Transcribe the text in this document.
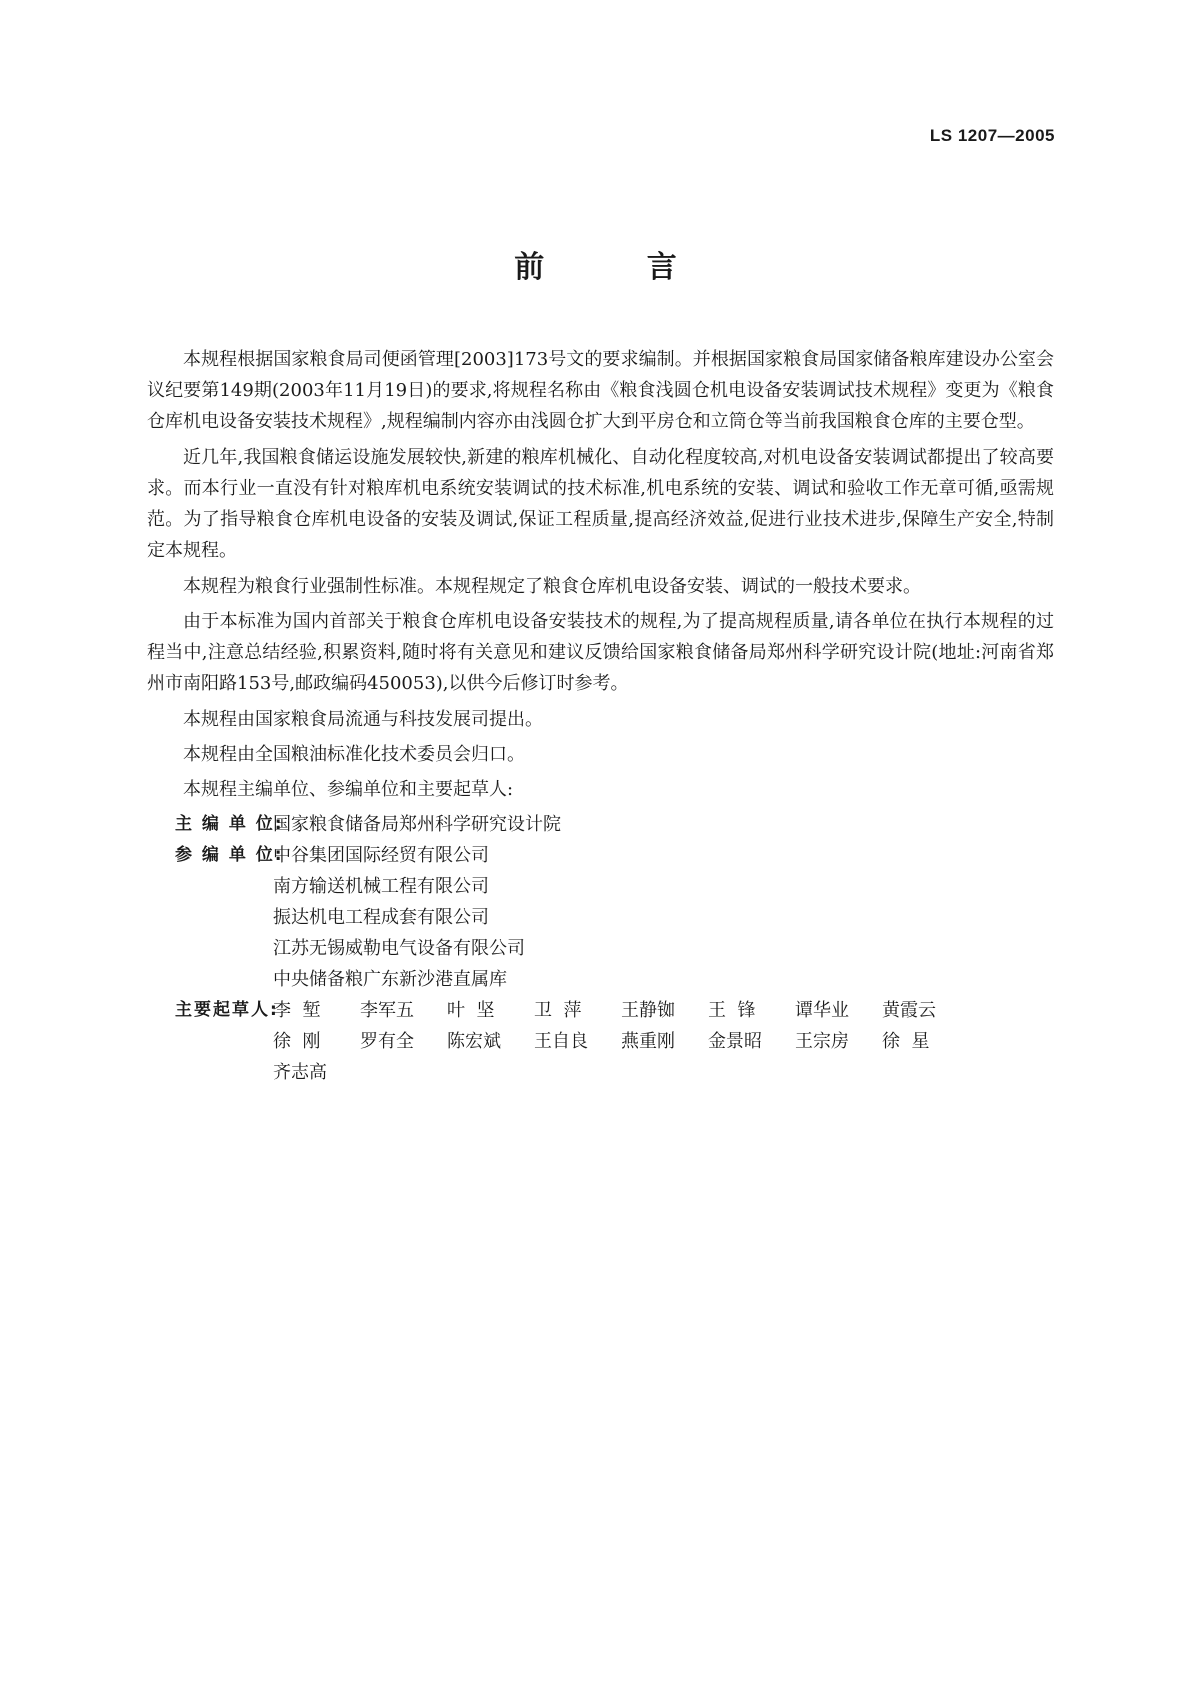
LS 1207—2005
前 言

本规程根据国家粮食局司便函管理[2003]173号文的要求编制。并根据国家粮食局国家储备粮库建设办公室会议纪要第149期(2003年11月19日)的要求,将规程名称由《粮食浅圆仓机电设备安装调试技术规程》变更为《粮食仓库机电设备安装技术规程》,规程编制内容亦由浅圆仓扩大到平房仓和立筒仓等当前我国粮食仓库的主要仓型。

近几年,我国粮食储运设施发展较快,新建的粮库机械化、自动化程度较高,对机电设备安装调试都提出了较高要求。而本行业一直没有针对粮库机电系统安装调试的技术标准,机电系统的安装、调试和验收工作无章可循,亟需规范。为了指导粮食仓库机电设备的安装及调试,保证工程质量,提高经济效益,促进行业技术进步,保障生产安全,特制定本规程。

本规程为粮食行业强制性标准。本规程规定了粮食仓库机电设备安装、调试的一般技术要求。

由于本标准为国内首部关于粮食仓库机电设备安装技术的规程,为了提高规程质量,请各单位在执行本规程的过程当中,注意总结经验,积累资料,随时将有关意见和建议反馈给国家粮食储备局郑州科学研究设计院(地址:河南省郑州市南阳路153号,邮政编码450053),以供今后修订时参考。

本规程由国家粮食局流通与科技发展司提出。

本规程由全国粮油标准化技术委员会归口。

本规程主编单位、参编单位和主要起草人:

主 编 单 位:
国家粮食储备局郑州科学研究设计院
参 编 单 位:
中谷集团国际经贸有限公司
南方输送机械工程有限公司
振达机电工程成套有限公司
江苏无锡威勒电气设备有限公司
中央储备粮广东新沙港直属库
主要起草人:
李  堑	李军五	叶  坚	卫  萍	王静铷	王  锋	谭华业	黄霞云
徐  刚	罗有全	陈宏斌	王自良	燕重刚	金景昭	王宗房	徐  星
齐志高
